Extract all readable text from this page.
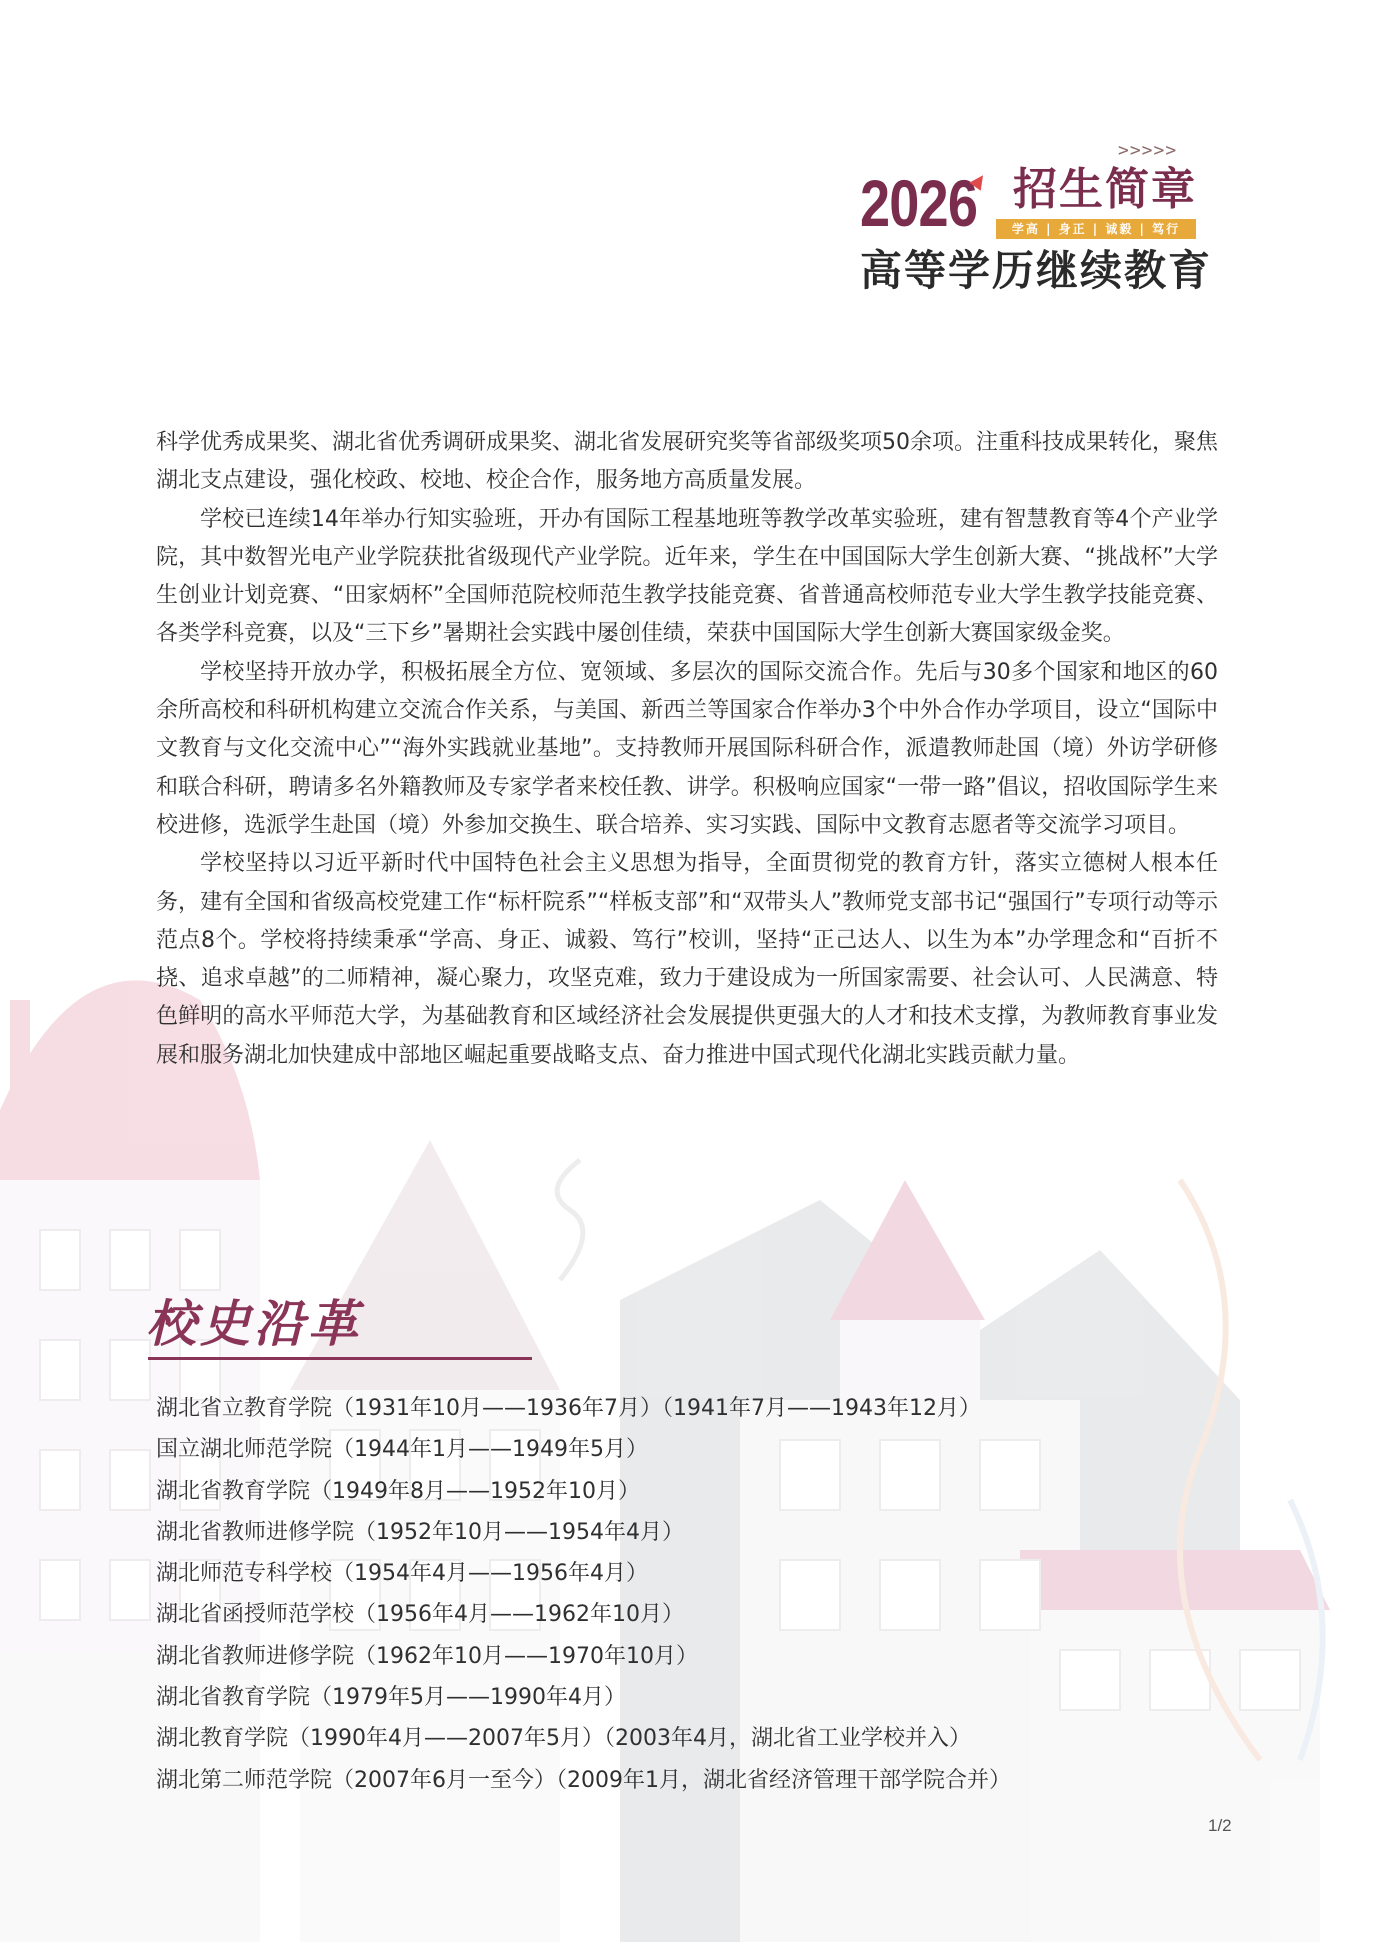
>>>>>
2026 招生简章
学高 | 身正 | 诚毅 | 笃行
高等学历继续教育

科学优秀成果奖、湖北省优秀调研成果奖、湖北省发展研究奖等省部级奖项50余项。注重科技成果转化，聚焦湖北支点建设，强化校政、校地、校企合作，服务地方高质量发展。

学校已连续14年举办行知实验班，开办有国际工程基地班等教学改革实验班，建有智慧教育等4个产业学院，其中数智光电产业学院获批省级现代产业学院。近年来，学生在中国国际大学生创新大赛、“挑战杯”大学生创业计划竞赛、“田家炳杯”全国师范院校师范生教学技能竞赛、省普通高校师范专业大学生教学技能竞赛、各类学科竞赛，以及“三下乡”暑期社会实践中屡创佳绩，荣获中国国际大学生创新大赛国家级金奖。

学校坚持开放办学，积极拓展全方位、宽领域、多层次的国际交流合作。先后与30多个国家和地区的60余所高校和科研机构建立交流合作关系，与美国、新西兰等国家合作举办3个中外合作办学项目，设立“国际中文教育与文化交流中心”“海外实践就业基地”。支持教师开展国际科研合作，派遣教师赴国（境）外访学研修和联合科研，聘请多名外籍教师及专家学者来校任教、讲学。积极响应国家“一带一路”倡议，招收国际学生来校进修，选派学生赴国（境）外参加交换生、联合培养、实习实践、国际中文教育志愿者等交流学习项目。

学校坚持以习近平新时代中国特色社会主义思想为指导，全面贯彻党的教育方针，落实立德树人根本任务，建有全国和省级高校党建工作“标杆院系”“样板支部”和“双带头人”教师党支部书记“强国行”专项行动等示范点8个。学校将持续秉承“学高、身正、诚毅、笃行”校训，坚持“正己达人、以生为本”办学理念和“百折不挠、追求卓越”的二师精神，凝心聚力，攻坚克难，致力于建设成为一所国家需要、社会认可、人民满意、特色鲜明的高水平师范大学，为基础教育和区域经济社会发展提供更强大的人才和技术支撑，为教师教育事业发展和服务湖北加快建成中部地区崛起重要战略支点、奋力推进中国式现代化湖北实践贡献力量。

校史沿革
湖北省立教育学院（1931年10月——1936年7月）（1941年7月——1943年12月）
国立湖北师范学院（1944年1月——1949年5月）
湖北省教育学院（1949年8月——1952年10月）
湖北省教师进修学院（1952年10月——1954年4月）
湖北师范专科学校（1954年4月——1956年4月）
湖北省函授师范学校（1956年4月——1962年10月）
湖北省教师进修学院（1962年10月——1970年10月）
湖北省教育学院（1979年5月——1990年4月）
湖北教育学院（1990年4月——2007年5月）（2003年4月，湖北省工业学校并入）
湖北第二师范学院（2007年6月一至今）（2009年1月，湖北省经济管理干部学院合并）
1/2
